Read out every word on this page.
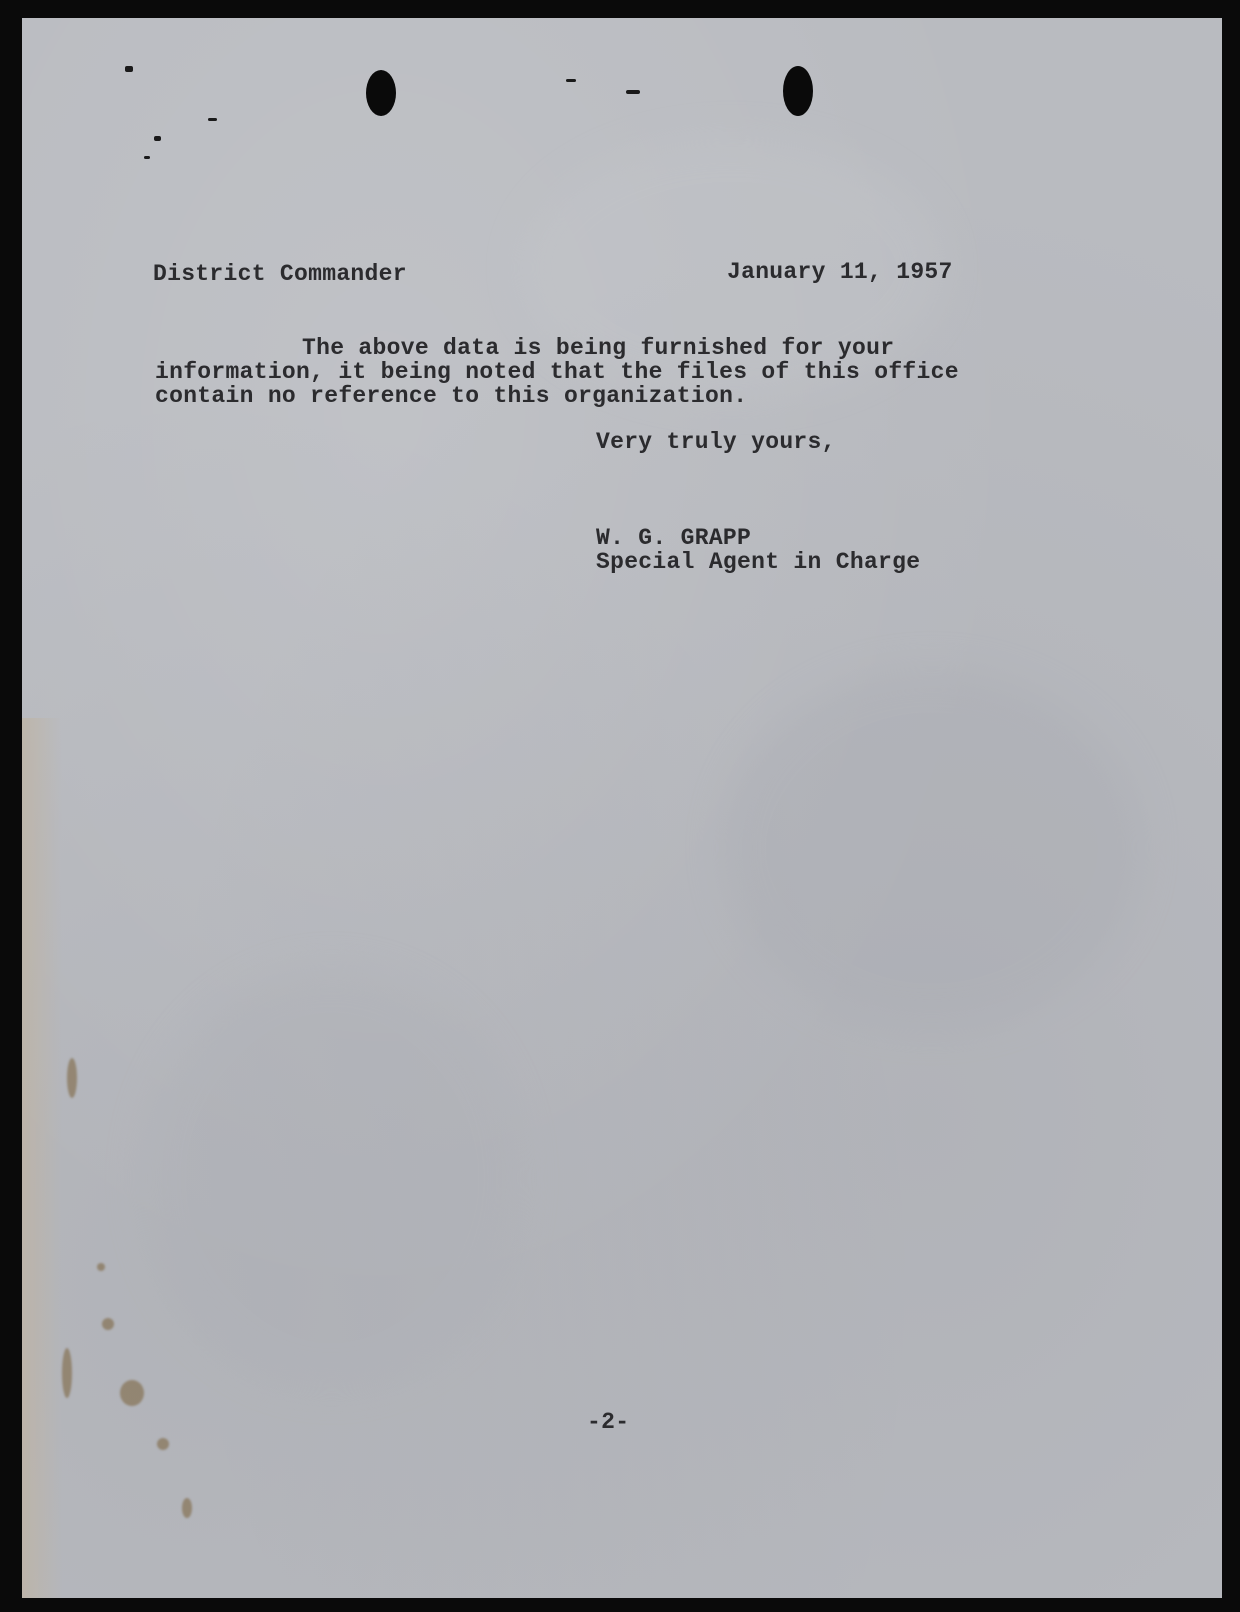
District Commander	January 11, 1957
The above data is being furnished for your
information, it being noted that the files of this office
contain no reference to this organization.
Very truly yours,
W. G. GRAPP
Special Agent in Charge
-2-
